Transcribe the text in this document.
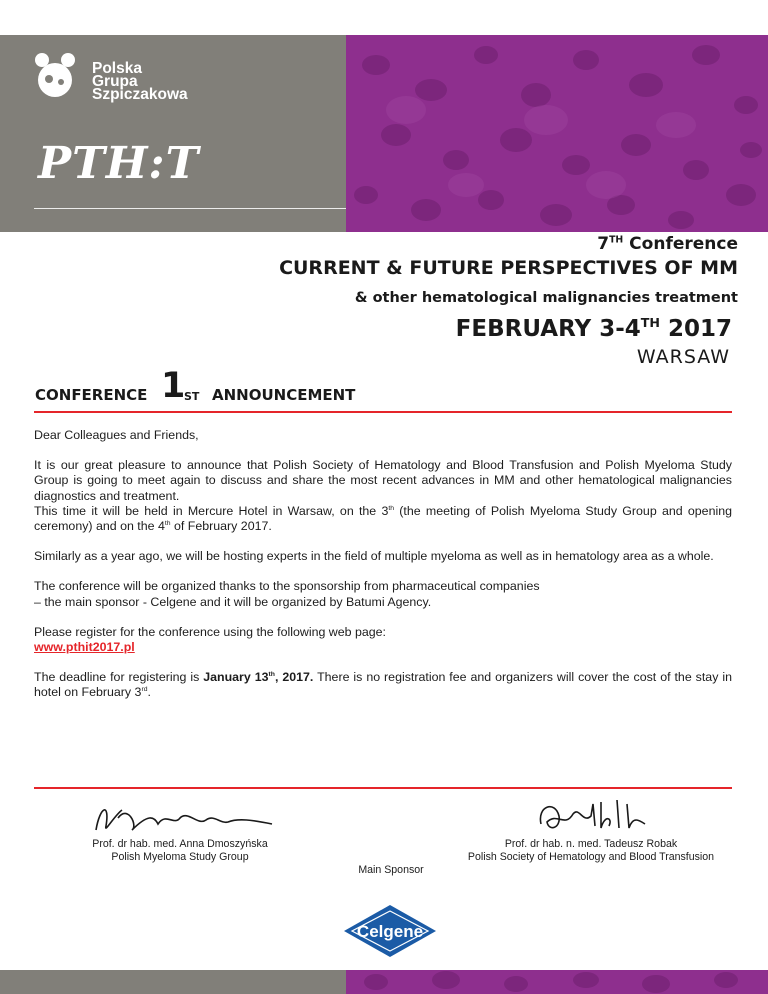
Polska
Grupa
Szpiczakowa
PTH:T
7TH Conference
CURRENT & FUTURE PERSPECTIVES OF MM
& other hematological malignancies treatment
FEBRUARY 3-4TH 2017
WARSAW
CONFERENCE 1
ST ANNOUNCEMENT

Dear Colleagues and Friends,

It is our great pleasure to announce that Polish Society of Hematology and Blood Transfusion and Polish Myeloma Study Group is going to meet again to discuss and share the most recent advances in MM and other hematological malignancies diagnostics and treatment.

This time it will be held in Mercure Hotel in Warsaw, on the 3th (the meeting of Polish Myeloma Study Group and opening ceremony) and on the 4th of February 2017.

Similarly as a year ago, we will be hosting experts in the field of multiple myeloma as well as in hematology area as a whole.

The conference will be organized thanks to the sponsorship from pharmaceutical companies
– the main sponsor - Celgene and it will be organized by Batumi Agency.

Please register for the conference using the following web page:
www.pthit2017.pl

The deadline for registering is January 13th, 2017. There is no registration fee and organizers will cover the cost of the stay in hotel on February 3rd.

Prof. dr hab. med. Anna Dmoszyńska
Polish Myeloma Study Group
Main Sponsor
Prof. dr hab. n. med. Tadeusz Robak
Polish Society of Hematology and Blood Transfusion
Celgene
